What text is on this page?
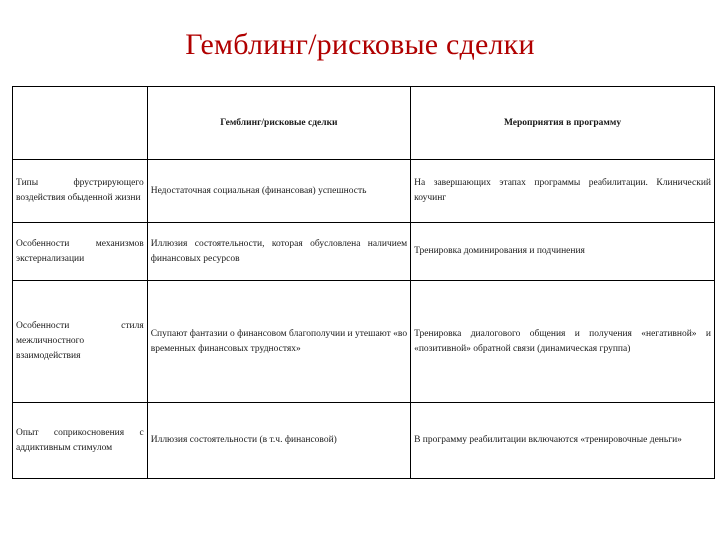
Гемблинг/рисковые сделки
	Гемблинг/рисковые сделки	Мероприятия в программу
Типы фрустрирующего воздействия обыденной жизни	Недостаточная социальная (финансовая) успешность	На завершающих этапах программы реабилитации. Клинический коучинг
Особенности механизмов экстернализации	Иллюзия состоятельности, которая обусловлена наличием финансовых ресурсов	Тренировка доминирования и подчинения
Особенности стиля межличностного взаимодействия	Спупают фантазии о финансовом благополучии и утешают «во временных финансовых трудностях»	Тренировка диалогового общения и получения «негативной» и «позитивной» обратной связи (динамическая группа)
Опыт соприкосновения с аддиктивным стимулом	Иллюзия состоятельности (в т.ч. финансовой)	В программу реабилитации включаются «тренировочные деньги»
